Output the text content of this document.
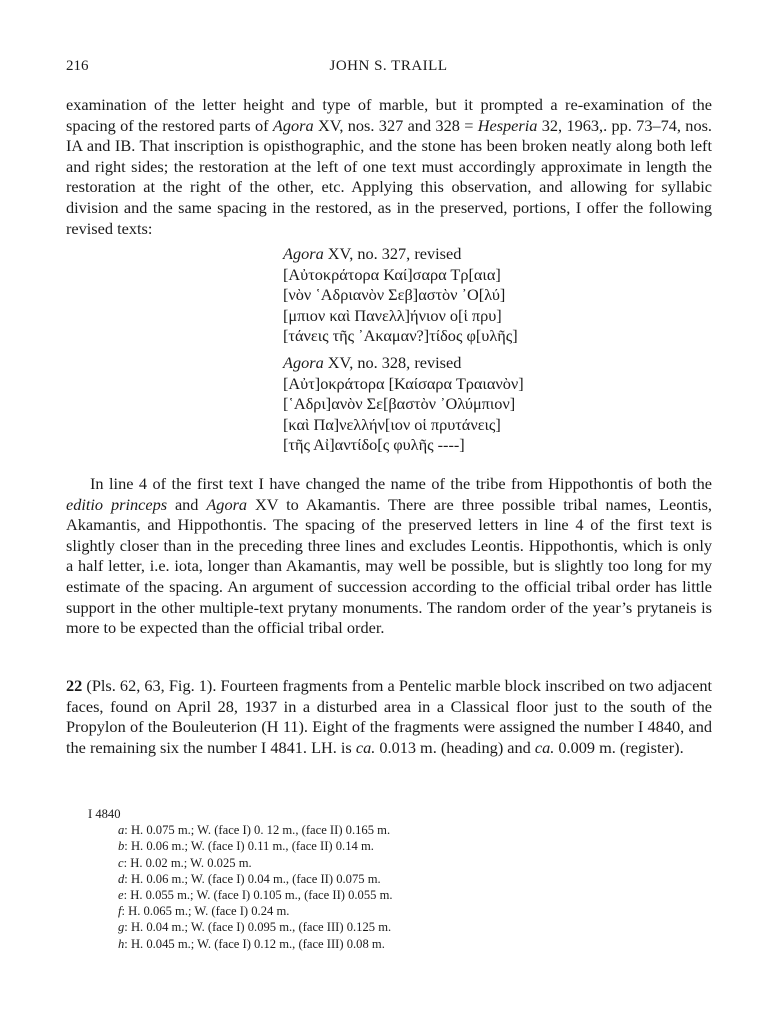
216	JOHN S. TRAILL

examination of the letter height and type of marble, but it prompted a re-examination of the spacing of the restored parts of Agora XV, nos. 327 and 328 = Hesperia 32, 1963,. pp. 73–74, nos. IA and IB. That inscription is opisthographic, and the stone has been broken neatly along both left and right sides; the restoration at the left of one text must accordingly approximate in length the restoration at the right of the other, etc. Applying this observation, and allowing for syllabic division and the same spacing in the restored, as in the preserved, portions, I offer the following revised texts:

Agora XV, no. 327, revised
[Αὐτοκράτορα Καί]σαρα Τρ[αια]
[νὸν ῾Αδριανὸν Σεβ]αστὸν ᾿Ο[λύ]
[μπιον καὶ Πανελλ]ήνιον ο[ἱ πρυ]
[τάνεις τῆς ᾿Ακαμαν?]τίδος φ[υλῆς]
Agora XV, no. 328, revised
[Αὐτ]οκράτορα [Καίσαρα Τραιανὸν]
[῾Αδρι]ανὸν Σε[βαστὸν ᾿Ολύμπιον]
[καὶ Πα]νελλήν[ιον οἱ πρυτάνεις]
[τῆς Αἰ]αντίδο[ς φυλῆς ----]

In line 4 of the first text I have changed the name of the tribe from Hippothontis of both the editio princeps and Agora XV to Akamantis. There are three possible tribal names, Leontis, Akamantis, and Hippothontis. The spacing of the preserved letters in line 4 of the first text is slightly closer than in the preceding three lines and excludes Leontis. Hippothontis, which is only a half letter, i.e. iota, longer than Akamantis, may well be possible, but is slightly too long for my estimate of the spacing. An argument of succession according to the official tribal order has little support in the other multiple-text prytany monuments. The random order of the year’s prytaneis is more to be expected than the official tribal order.

22 (Pls. 62, 63, Fig. 1). Fourteen fragments from a Pentelic marble block inscribed on two adjacent faces, found on April 28, 1937 in a disturbed area in a Classical floor just to the south of the Propylon of the Bouleuterion (H 11). Eight of the fragments were assigned the number I 4840, and the remaining six the number I 4841. LH. is ca. 0.013 m. (heading) and ca. 0.009 m. (register).

I 4840
a: H. 0.075 m.; W. (face I) 0. 12 m., (face II) 0.165 m.
b: H. 0.06 m.; W. (face I) 0.11 m., (face II) 0.14 m.
c: H. 0.02 m.; W. 0.025 m.
d: H. 0.06 m.; W. (face I) 0.04 m., (face II) 0.075 m.
e: H. 0.055 m.; W. (face I) 0.105 m., (face II) 0.055 m.
f: H. 0.065 m.; W. (face I) 0.24 m.
g: H. 0.04 m.; W. (face I) 0.095 m., (face III) 0.125 m.
h: H. 0.045 m.; W. (face I) 0.12 m., (face III) 0.08 m.
